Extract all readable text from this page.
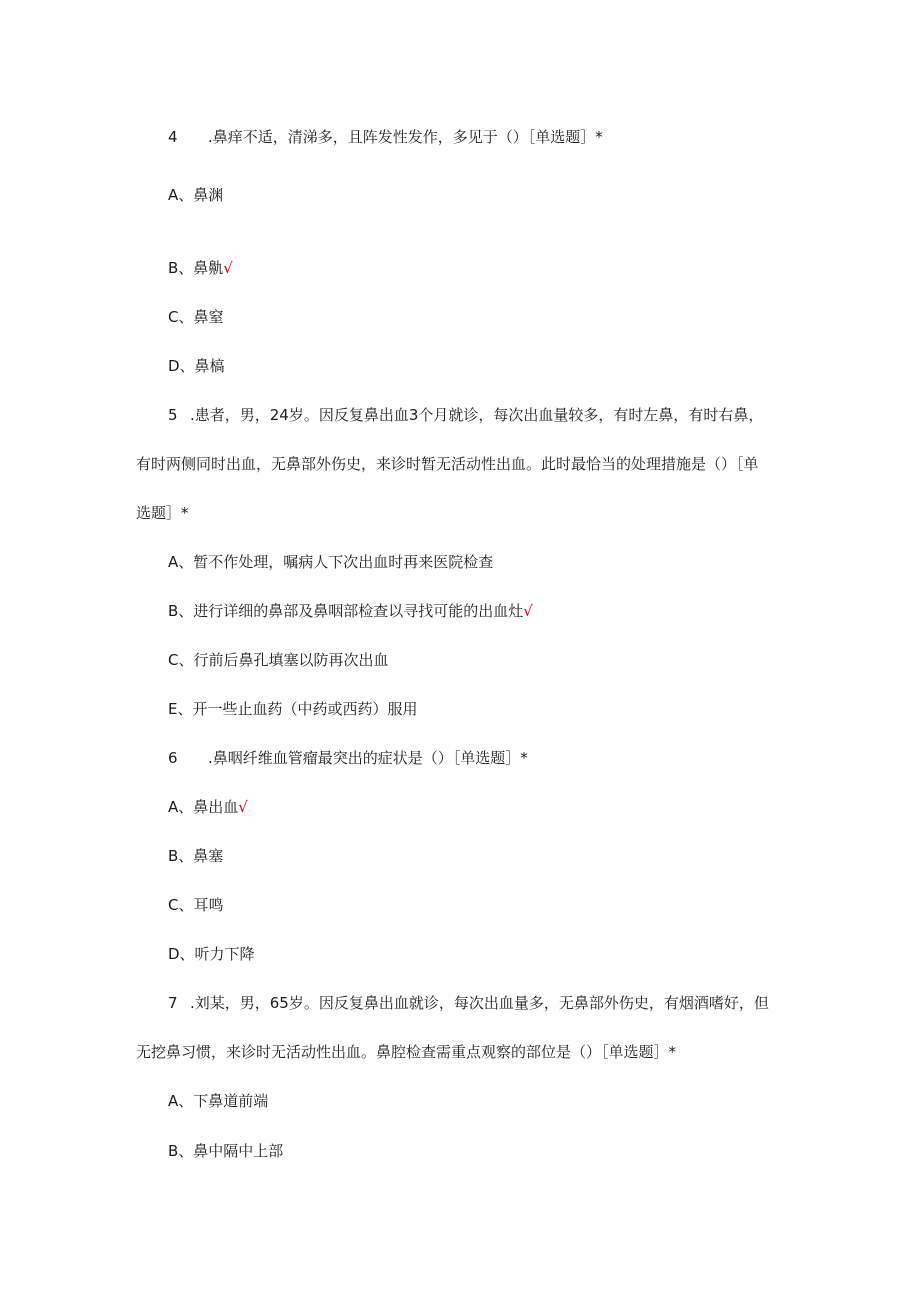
4 .鼻痒不适，清涕多，且阵发性发作，多见于（）［单选题］*
A、鼻渊
B、鼻鼽√
C、鼻窒
D、鼻槁
5 .患者，男，24岁。因反复鼻出血3个月就诊，每次出血量较多，有时左鼻，有时右鼻，
有时两侧同时出血，无鼻部外伤史，来诊时暂无活动性出血。此时最恰当的处理措施是（）［单
选题］*
A、暂不作处理，嘱病人下次出血时再来医院检查
B、进行详细的鼻部及鼻咽部检查以寻找可能的出血灶√
C、行前后鼻孔填塞以防再次出血
E、开一些止血药（中药或西药）服用
6 .鼻咽纤维血管瘤最突出的症状是（）［单选题］*
A、鼻出血√
B、鼻塞
C、耳鸣
D、听力下降
7 .刘某，男，65岁。因反复鼻出血就诊，每次出血量多，无鼻部外伤史，有烟酒嗜好，但
无挖鼻习惯，来诊时无活动性出血。鼻腔检查需重点观察的部位是（）［单选题］*
A、下鼻道前端
B、鼻中隔中上部
